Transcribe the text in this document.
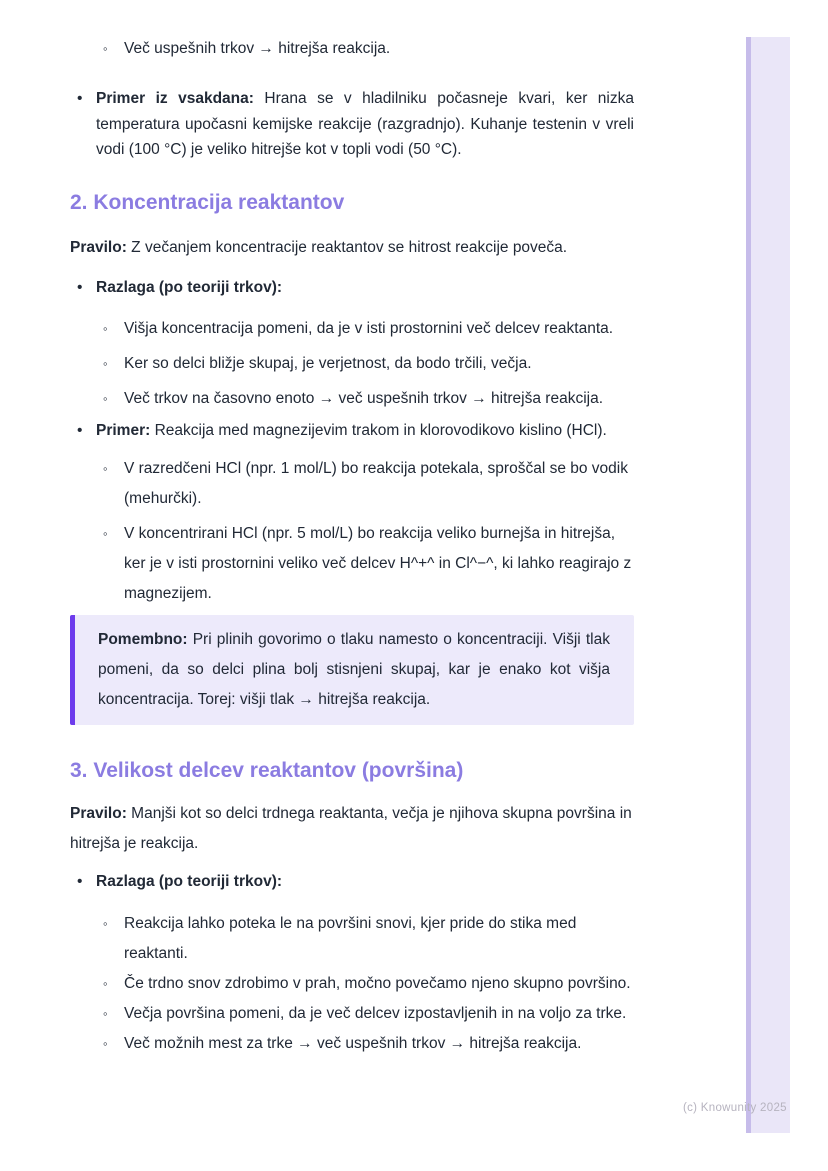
◦	Več uspešnih trkov → hitrejša reakcija.
• Primer iz vsakdana: Hrana se v hladilniku počasneje kvari, ker nizka temperatura upočasni kemijske reakcije (razgradnjo). Kuhanje testenin v vreli vodi (100 °C) je veliko hitrejše kot v topli vodi (50 °C).
2. Koncentracija reaktantov

Pravilo: Z večanjem koncentracije reaktantov se hitrost reakcije poveča.

• Razlaga (po teoriji trkov):
◦	Višja koncentracija pomeni, da je v isti prostornini več delcev reaktanta.
◦	Ker so delci bližje skupaj, je verjetnost, da bodo trčili, večja.
◦	Več trkov na časovno enoto → več uspešnih trkov → hitrejša reakcija.
• Primer: Reakcija med magnezijevim trakom in klorovodikovo kislino (HCl).
◦	V razredčeni HCl (npr. 1 mol/L) bo reakcija potekala, sproščal se bo vodik (mehurčki).
◦	V koncentrirani HCl (npr. 5 mol/L) bo reakcija veliko burnejša in hitrejša, ker je v isti prostornini veliko več delcev H^+^ in Cl^−^, ki lahko reagirajo z magnezijem.
Pomembno: Pri plinih govorimo o tlaku namesto o koncentraciji. Višji tlak pomeni, da so delci plina bolj stisnjeni skupaj, kar je enako kot višja koncentracija. Torej: višji tlak → hitrejša reakcija.
3. Velikost delcev reaktantov (površina)

Pravilo: Manjši kot so delci trdnega reaktanta, večja je njihova skupna površina in hitrejša je reakcija.

• Razlaga (po teoriji trkov):
◦	Reakcija lahko poteka le na površini snovi, kjer pride do stika med reaktanti.
◦	Če trdno snov zdrobimo v prah, močno povečamo njeno skupno površino.
◦	Večja površina pomeni, da je več delcev izpostavljenih in na voljo za trke.
◦	Več možnih mest za trke → več uspešnih trkov → hitrejša reakcija.
(c) Knowunity 2025
